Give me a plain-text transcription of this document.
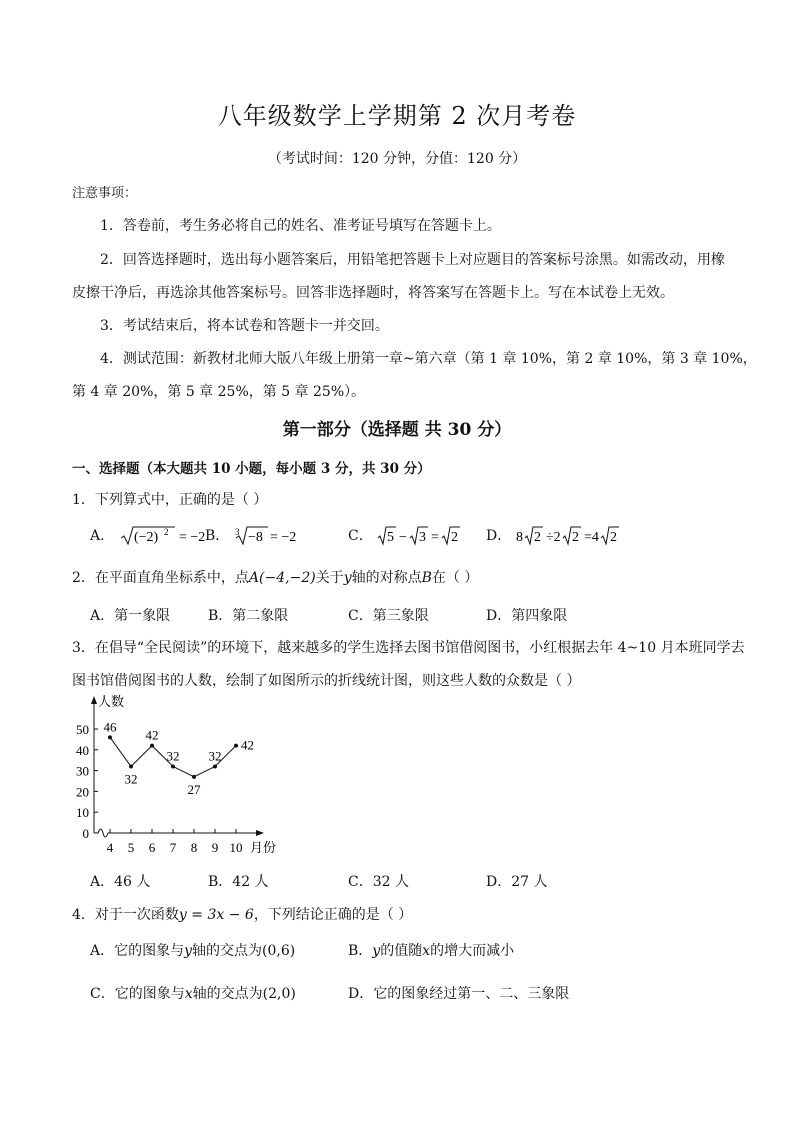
八年级数学上学期第 2 次月考卷
（考试时间：120 分钟，分值：120 分）
注意事项：
1．答卷前，考生务必将自己的姓名、准考证号填写在答题卡上。
2．回答选择题时，选出每小题答案后，用铅笔把答题卡上对应题目的答案标号涂黑。如需改动，用橡
皮擦干净后，再选涂其他答案标号。回答非选择题时，将答案写在答题卡上。写在本试卷上无效。
3．考试结束后，将本试卷和答题卡一并交回。
4．测试范围：新教材北师大版八年级上册第一章~第六章（第 1 章 10%，第 2 章 10%，第 3 章 10%，
第 4 章 20%，第 5 章 25%，第 5 章 25%）。
第一部分（选择题 共 30 分）
一、选择题（本大题共 10 小题，每小题 3 分，共 30 分）
1．下列算式中，正确的是（ ）
A． (−2) 2 = −2 B． 3 −8 = −2	C． 5 − 3 = 2 D． 8 2 ÷2 2 =4 2
2．在平面直角坐标系中，点A(−4,−2)关于y轴的对称点B在（ ）
A．第一象限	B．第二象限	C．第三象限	D．第四象限
3．在倡导“全民阅读”的环境下，越来越多的学生选择去图书馆借阅图书，小红根据去年 4~10 月本班同学去
图书馆借阅图书的人数，绘制了如图所示的折线统计图，则这些人数的众数是（ ）
人数
月份
0
10
20
30
40
50
4 5 6 7 8 9 10
46
32
42
32
27
32
42
A．46 人	B．42 人	C．32 人	D．27 人
4．对于一次函数y = 3x − 6，下列结论正确的是（ ）
A．它的图象与y轴的交点为(0,6)	B．y的值随x的增大而减小
C．它的图象与x轴的交点为(2,0)	D．它的图象经过第一、二、三象限
